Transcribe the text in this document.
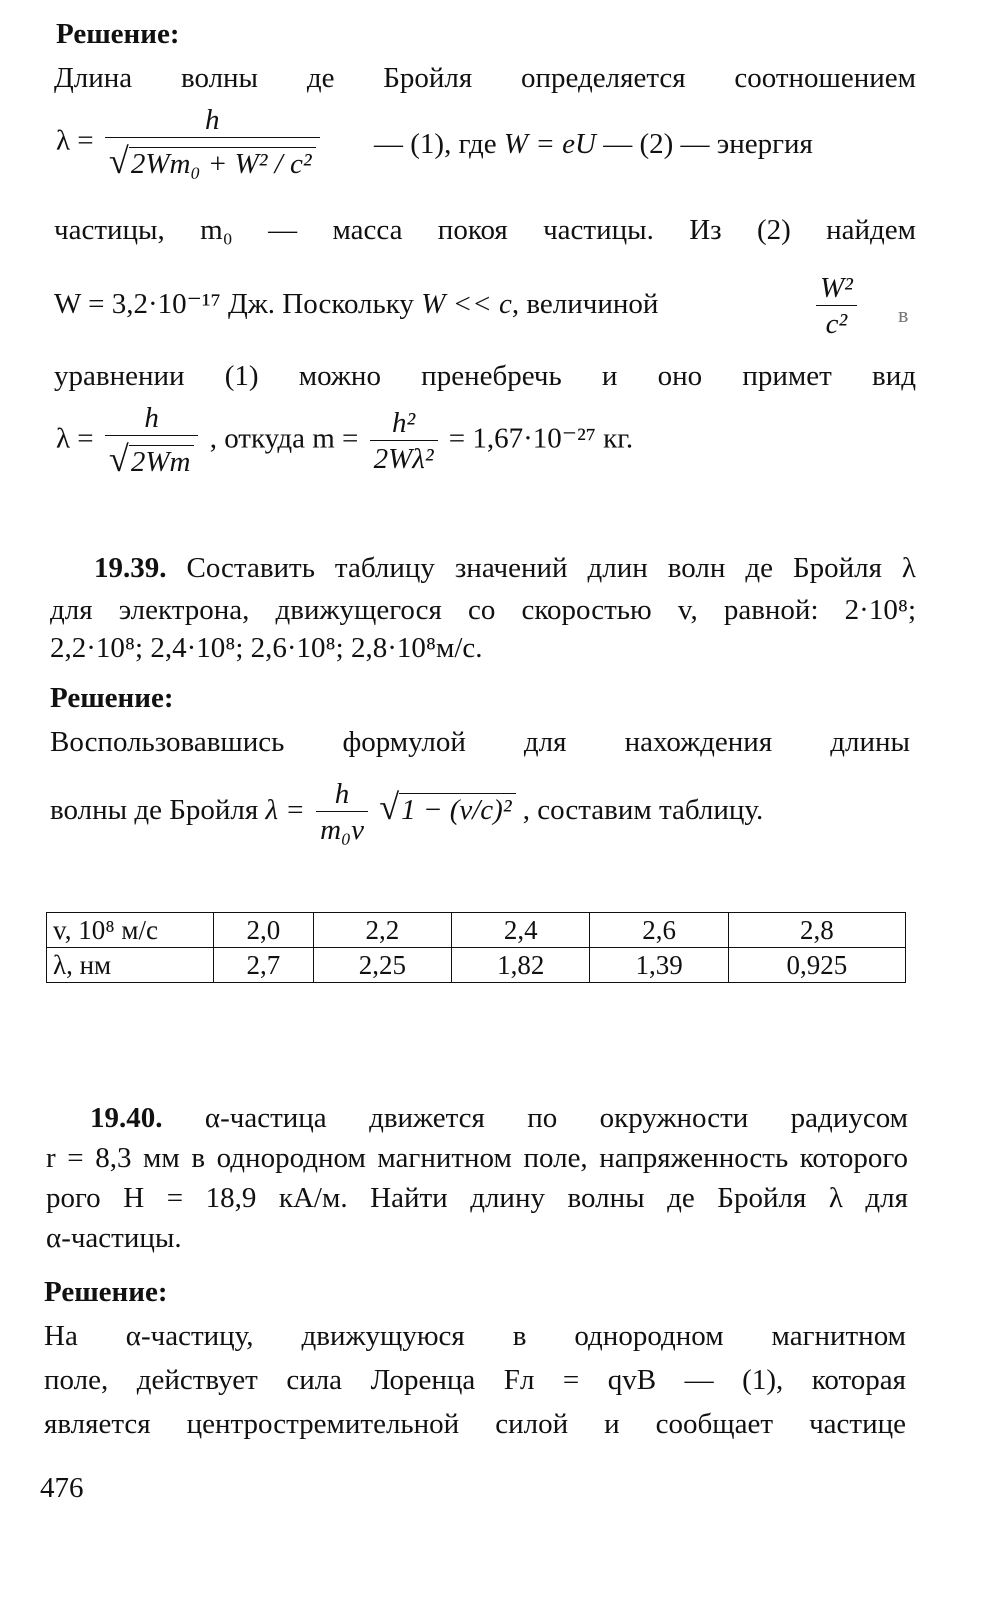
Решение:
Длина волны де Бройля определяется соотношением
$\lambda = \frac{h}{\text{√2Wm₀ + W² / c²}}$ — (1), где W = eU — (2) — энергия
частицы, m₀ — масса покоя частицы. Из (2) найдем
W = 3,2·10⁻¹⁷ Дж. Поскольку W << c, величиной	$\frac{\text{W²}}{\text{c²}}$ в
уравнении (1) можно пренебречь и оно примет вид
$\lambda = \frac{h}{√2Wm}$ , откуда $m = \frac{\text{h²}}{\text{2Wλ²}} = 1,67\cdot 10^{-27}$ кг.
19.39. Составить таблицу значений длин волн де Бройля λ
для электрона, движущегося со скоростью v, равной: 2·10⁸;
2,2·10⁸; 2,4·10⁸; 2,6·10⁸; 2,8·10⁸м/с.
Решение:
Воспользовавшись формулой для нахождения длины
волны де Бройля $\lambda = \frac{h}{\text{m₀v}} √1 - (v/c)^2$ , составим таблицу.
v, 10⁸ м/с	2,0	2,2	2,4	2,6	2,8
λ, нм	2,7	2,25	1,82	1,39	0,925
19.40. α-частица движется по окружности радиусом
r = 8,3 мм в однородном магнитном поле, напряженность которого
рого H = 18,9 кА/м. Найти длину волны де Бройля λ для
α-частицы.
Решение:
На α-частицу, движущуюся в однородном магнитном
поле, действует сила Лоренца Fл = qvB — (1), которая
является центростремительной силой и сообщает частице
476
